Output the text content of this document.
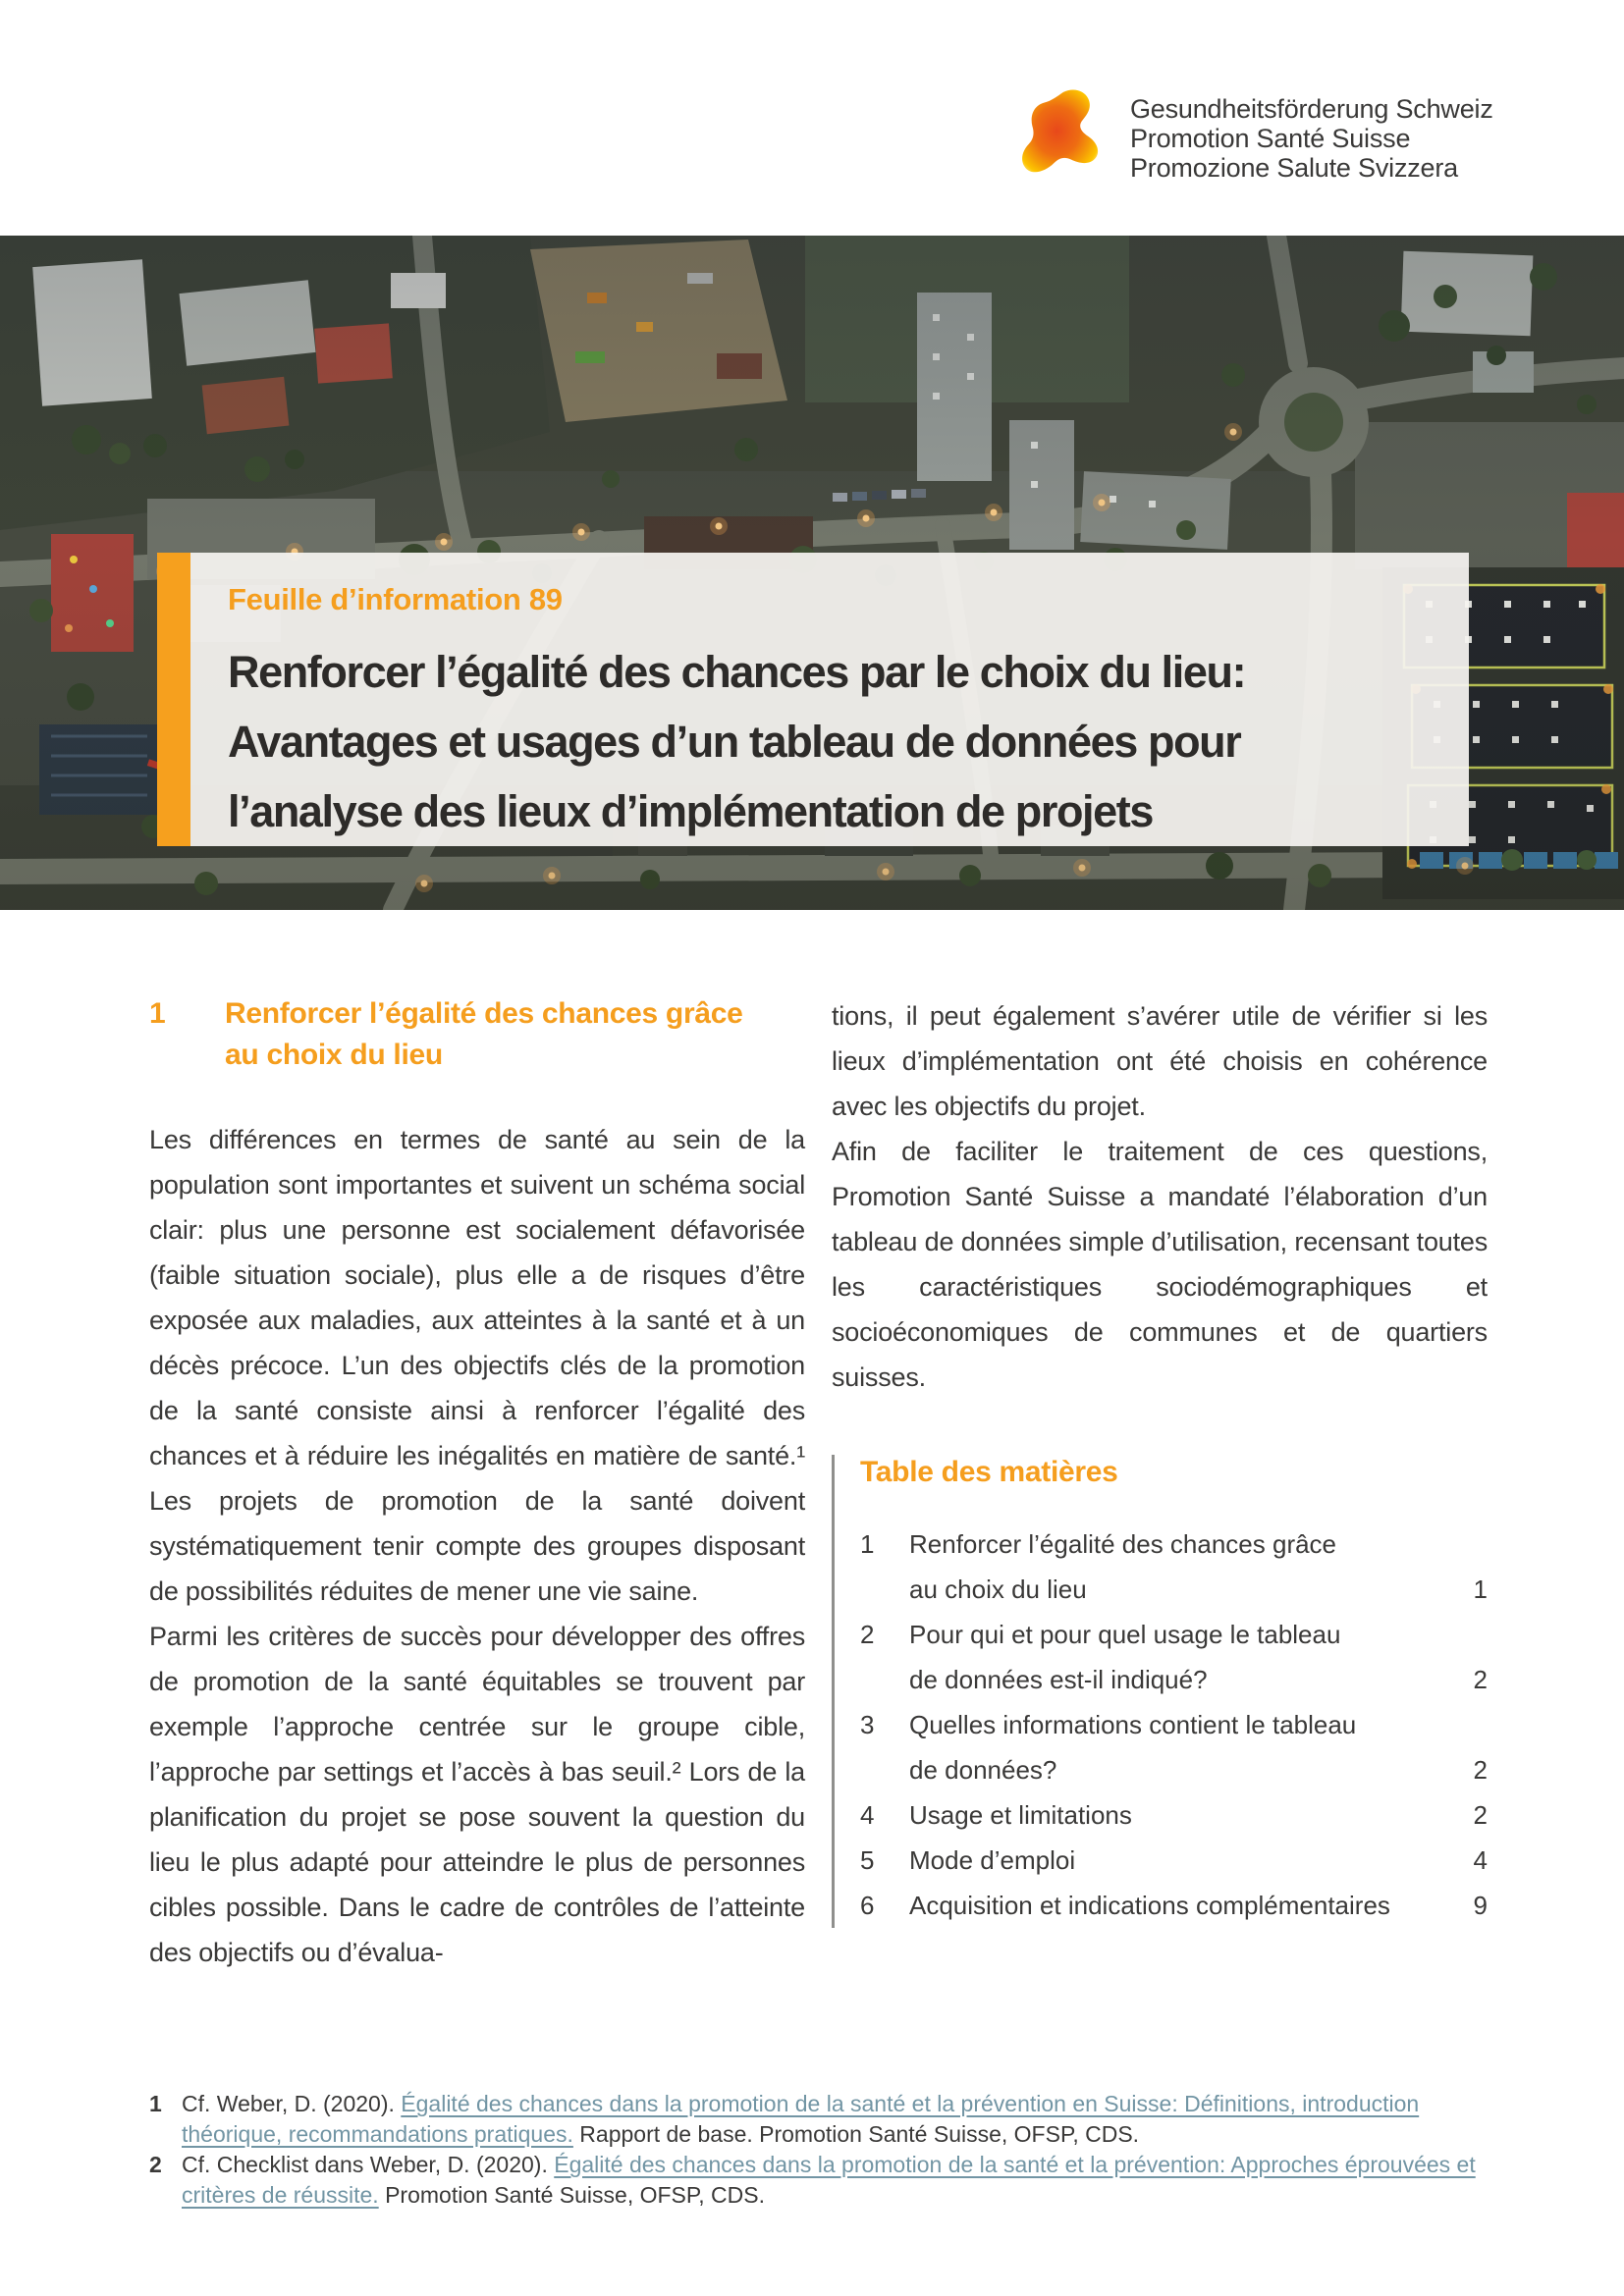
Gesundheitsförderung Schweiz
Promotion Santé Suisse
Promozione Salute Svizzera
Feuille d’information 89
Renforcer l’égalité des chances par le choix du lieu:
Avantages et usages d’un tableau de données pour
l’analyse des lieux d’implémentation de projets
1	Renforcer l’égalité des chances grâce
au choix du lieu

Les différences en termes de santé au sein de la population sont importantes et suivent un schéma social clair: plus une personne est socialement défavorisée (faible situation sociale), plus elle a de risques d’être exposée aux maladies, aux atteintes à la santé et à un décès précoce. L’un des objectifs clés de la promotion de la santé consiste ainsi à renforcer l’égalité des chances et à réduire les inégalités en matière de santé.¹ Les projets de promotion de la santé doivent systématiquement tenir compte des groupes disposant de possibilités réduites de mener une vie saine.

Parmi les critères de succès pour développer des offres de promotion de la santé équitables se trouvent par exemple l’approche centrée sur le groupe cible, l’approche par settings et l’accès à bas seuil.² Lors de la planification du projet se pose souvent la question du lieu le plus adapté pour atteindre le plus de personnes cibles possible. Dans le cadre de contrôles de l’atteinte des objectifs ou d’évalua-

tions, il peut également s’avérer utile de vérifier si les lieux d’implémentation ont été choisis en cohérence avec les objectifs du projet.

Afin de faciliter le traitement de ces questions, Promotion Santé Suisse a mandaté l’élaboration d’un tableau de données simple d’utilisation, recensant toutes les caractéristiques sociodémographiques et socioéconomiques de communes et de quartiers suisses.

Table des matières
1	Renforcer l’égalité des chances grâce
au choix du lieu	1
2	Pour qui et pour quel usage le tableau
de données est-il indiqué?	2
3	Quelles informations contient le tableau
de données?	2
4	Usage et limitations	2
5	Mode d’emploi	4
6	Acquisition et indications complémentaires	9
1 Cf. Weber, D. (2020). Égalité des chances dans la promotion de la santé et la prévention en Suisse: Définitions, introduction théorique, recommandations pratiques. Rapport de base. Promotion Santé Suisse, OFSP, CDS.
2 Cf. Checklist dans Weber, D. (2020). Égalité des chances dans la promotion de la santé et la prévention: Approches éprouvées et critères de réussite. Promotion Santé Suisse, OFSP, CDS.
